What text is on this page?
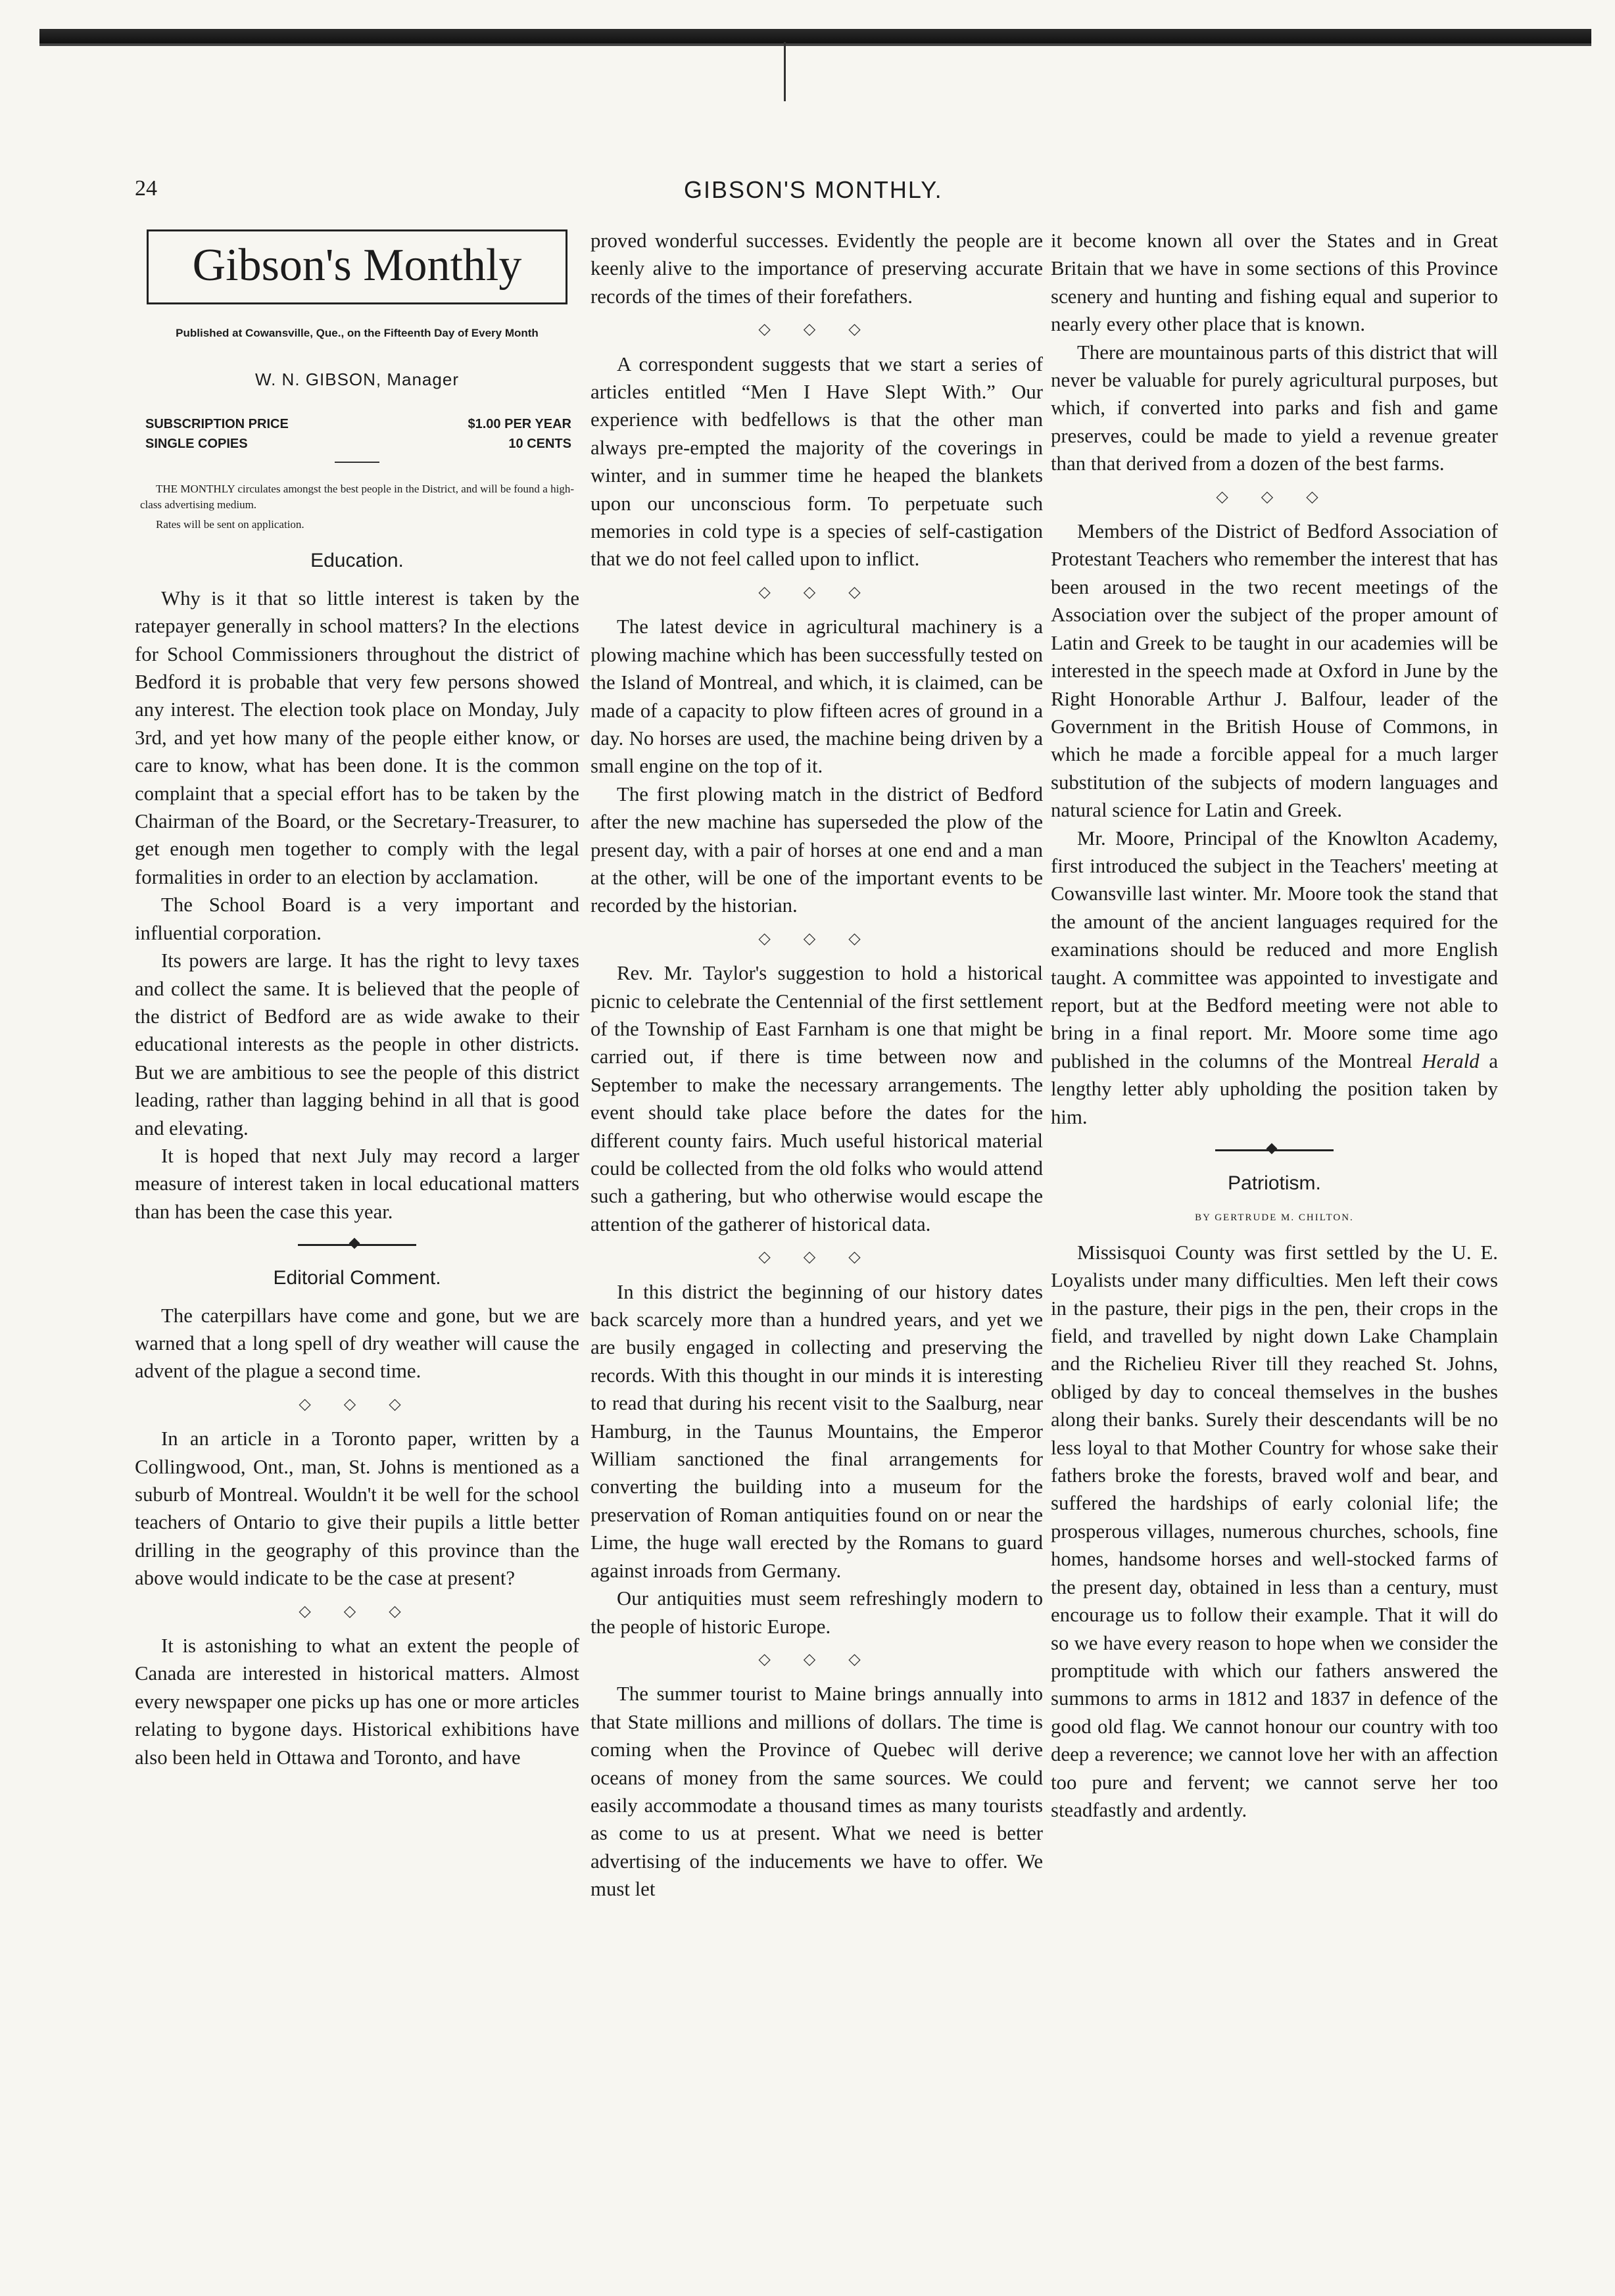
24	GIBSON'S MONTHLY.
Gibson's Monthly
Published at Cowansville, Que., on the Fifteenth Day of Every Month
W. N. GIBSON, Manager
SUBSCRIPTION PRICE	$1.00 PER YEAR
SINGLE COPIES	10 CENTS
THE MONTHLY circulates amongst the best people in the District, and will be found a high-class advertising medium.
Rates will be sent on application.
Education.

Why is it that so little interest is taken by the ratepayer generally in school matters? In the elections for School Commissioners throughout the district of Bedford it is probable that very few persons showed any interest. The election took place on Monday, July 3rd, and yet how many of the people either know, or care to know, what has been done. It is the common complaint that a special effort has to be taken by the Chairman of the Board, or the Secretary-Treasurer, to get enough men together to comply with the legal formalities in order to an election by acclamation.

The School Board is a very important and influential corporation.

Its powers are large. It has the right to levy taxes and collect the same. It is believed that the people of the district of Bedford are as wide awake to their educational interests as the people in other districts. But we are ambitious to see the people of this district leading, rather than lagging behind in all that is good and elevating.

It is hoped that next July may record a larger measure of interest taken in local educational matters than has been the case this year.

Editorial Comment.

The caterpillars have come and gone, but we are warned that a long spell of dry weather will cause the advent of the plague a second time.

◇ ◇ ◇

In an article in a Toronto paper, written by a Collingwood, Ont., man, St. Johns is mentioned as a suburb of Montreal. Wouldn't it be well for the school teachers of Ontario to give their pupils a little better drilling in the geography of this province than the above would indicate to be the case at present?

◇ ◇ ◇

It is astonishing to what an extent the people of Canada are interested in historical matters. Almost every newspaper one picks up has one or more articles relating to bygone days. Historical exhibitions have also been held in Ottawa and Toronto, and have

proved wonderful successes. Evidently the people are keenly alive to the importance of preserving accurate records of the times of their forefathers.

◇ ◇ ◇

A correspondent suggests that we start a series of articles entitled “Men I Have Slept With.” Our experience with bedfellows is that the other man always pre-empted the majority of the coverings in winter, and in summer time he heaped the blankets upon our unconscious form. To perpetuate such memories in cold type is a species of self-castigation that we do not feel called upon to inflict.

◇ ◇ ◇

The latest device in agricultural machinery is a plowing machine which has been successfully tested on the Island of Montreal, and which, it is claimed, can be made of a capacity to plow fifteen acres of ground in a day. No horses are used, the machine being driven by a small engine on the top of it.

The first plowing match in the district of Bedford after the new machine has superseded the plow of the present day, with a pair of horses at one end and a man at the other, will be one of the important events to be recorded by the historian.

◇ ◇ ◇

Rev. Mr. Taylor's suggestion to hold a historical picnic to celebrate the Centennial of the first settlement of the Township of East Farnham is one that might be carried out, if there is time between now and September to make the necessary arrangements. The event should take place before the dates for the different county fairs. Much useful historical material could be collected from the old folks who would attend such a gathering, but who otherwise would escape the attention of the gatherer of historical data.

◇ ◇ ◇

In this district the beginning of our history dates back scarcely more than a hundred years, and yet we are busily engaged in collecting and preserving the records. With this thought in our minds it is interesting to read that during his recent visit to the Saalburg, near Hamburg, in the Taunus Mountains, the Emperor William sanctioned the final arrangements for converting the building into a museum for the preservation of Roman antiquities found on or near the Lime, the huge wall erected by the Romans to guard against inroads from Germany.

Our antiquities must seem refreshingly modern to the people of historic Europe.

◇ ◇ ◇

The summer tourist to Maine brings annually into that State millions and millions of dollars. The time is coming when the Province of Quebec will derive oceans of money from the same sources. We could easily accommodate a thousand times as many tourists as come to us at present. What we need is better advertising of the inducements we have to offer. We must let

it become known all over the States and in Great Britain that we have in some sections of this Province scenery and hunting and fishing equal and superior to nearly every other place that is known.

There are mountainous parts of this district that will never be valuable for purely agricultural purposes, but which, if converted into parks and fish and game preserves, could be made to yield a revenue greater than that derived from a dozen of the best farms.

◇ ◇ ◇

Members of the District of Bedford Association of Protestant Teachers who remember the interest that has been aroused in the two recent meetings of the Association over the subject of the proper amount of Latin and Greek to be taught in our academies will be interested in the speech made at Oxford in June by the Right Honorable Arthur J. Balfour, leader of the Government in the British House of Commons, in which he made a forcible appeal for a much larger substitution of the subjects of modern languages and natural science for Latin and Greek.

Mr. Moore, Principal of the Knowlton Academy, first introduced the subject in the Teachers' meeting at Cowansville last winter. Mr. Moore took the stand that the amount of the ancient languages required for the examinations should be reduced and more English taught. A committee was appointed to investigate and report, but at the Bedford meeting were not able to bring in a final report. Mr. Moore some time ago published in the columns of the Montreal Herald a lengthy letter ably upholding the position taken by him.

Patriotism.
BY GERTRUDE M. CHILTON.

Missisquoi County was first settled by the U. E. Loyalists under many difficulties. Men left their cows in the pasture, their pigs in the pen, their crops in the field, and travelled by night down Lake Champlain and the Richelieu River till they reached St. Johns, obliged by day to conceal themselves in the bushes along their banks. Surely their descendants will be no less loyal to that Mother Country for whose sake their fathers broke the forests, braved wolf and bear, and suffered the hardships of early colonial life; the prosperous villages, numerous churches, schools, fine homes, handsome horses and well-stocked farms of the present day, obtained in less than a century, must encourage us to follow their example. That it will do so we have every reason to hope when we consider the promptitude with which our fathers answered the summons to arms in 1812 and 1837 in defence of the good old flag. We cannot honour our country with too deep a reverence; we cannot love her with an affection too pure and fervent; we cannot serve her too steadfastly and ardently.
